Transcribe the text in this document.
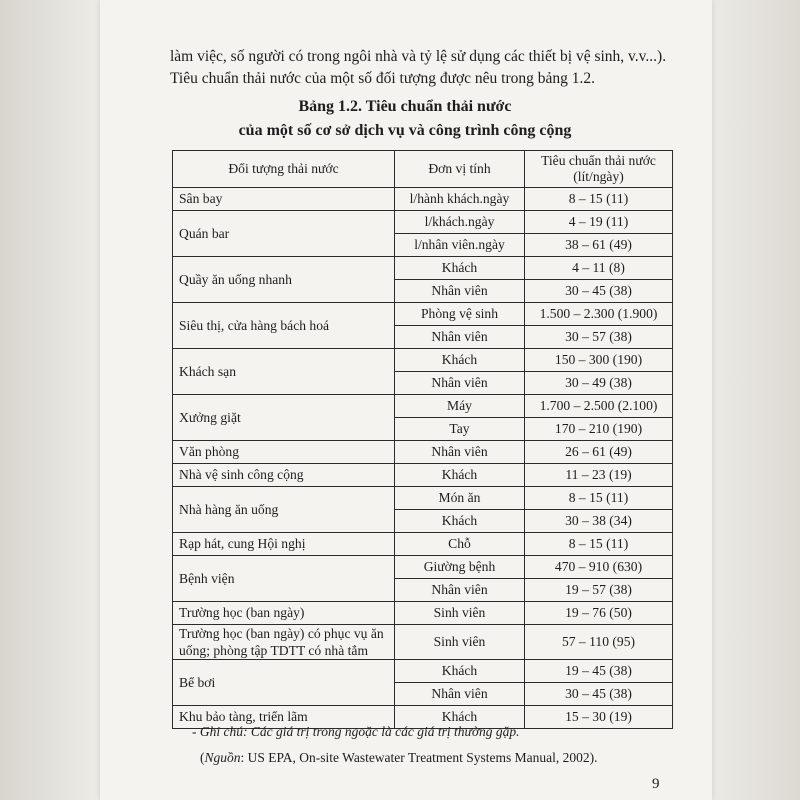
làm việc, số người có trong ngôi nhà và tỷ lệ sử dụng các thiết bị vệ sinh, v.v...).
Tiêu chuẩn thải nước của một số đối tượng được nêu trong bảng 1.2.
Bảng 1.2. Tiêu chuẩn thải nước
của một số cơ sở dịch vụ và công trình công cộng
Đối tượng thải nước	Đơn vị tính	Tiêu chuẩn thải nước
(lít/ngày)
Sân bay	l/hành khách.ngày	8 – 15 (11)
Quán bar	l/khách.ngày	4 – 19 (11)
	l/nhân viên.ngày	38 – 61 (49)
Quầy ăn uống nhanh	Khách	4 – 11 (8)
	Nhân viên	30 – 45 (38)
Siêu thị, cửa hàng bách hoá	Phòng vệ sinh	1.500 – 2.300 (1.900)
	Nhân viên	30 – 57 (38)
Khách sạn	Khách	150 – 300 (190)
	Nhân viên	30 – 49 (38)
Xưởng giặt	Máy	1.700 – 2.500 (2.100)
	Tay	170 – 210 (190)
Văn phòng	Nhân viên	26 – 61 (49)
Nhà vệ sinh công cộng	Khách	11 – 23 (19)
Nhà hàng ăn uống	Món ăn	8 – 15 (11)
	Khách	30 – 38 (34)
Rạp hát, cung Hội nghị	Chỗ	8 – 15 (11)
Bệnh viện	Giường bệnh	470 – 910 (630)
	Nhân viên	19 – 57 (38)
Trường học (ban ngày)	Sinh viên	19 – 76 (50)
Trường học (ban ngày) có phục vụ ăn uống; phòng tập TDTT có nhà tắm	Sinh viên	57 – 110 (95)
Bể bơi	Khách	19 – 45 (38)
	Nhân viên	30 – 45 (38)
Khu bảo tàng, triển lãm	Khách	15 – 30 (19)
- Ghi chú: Các giá trị trong ngoặc là các giá trị thường gặp.
(Nguồn: US EPA, On-site Wastewater Treatment Systems Manual, 2002).
9
